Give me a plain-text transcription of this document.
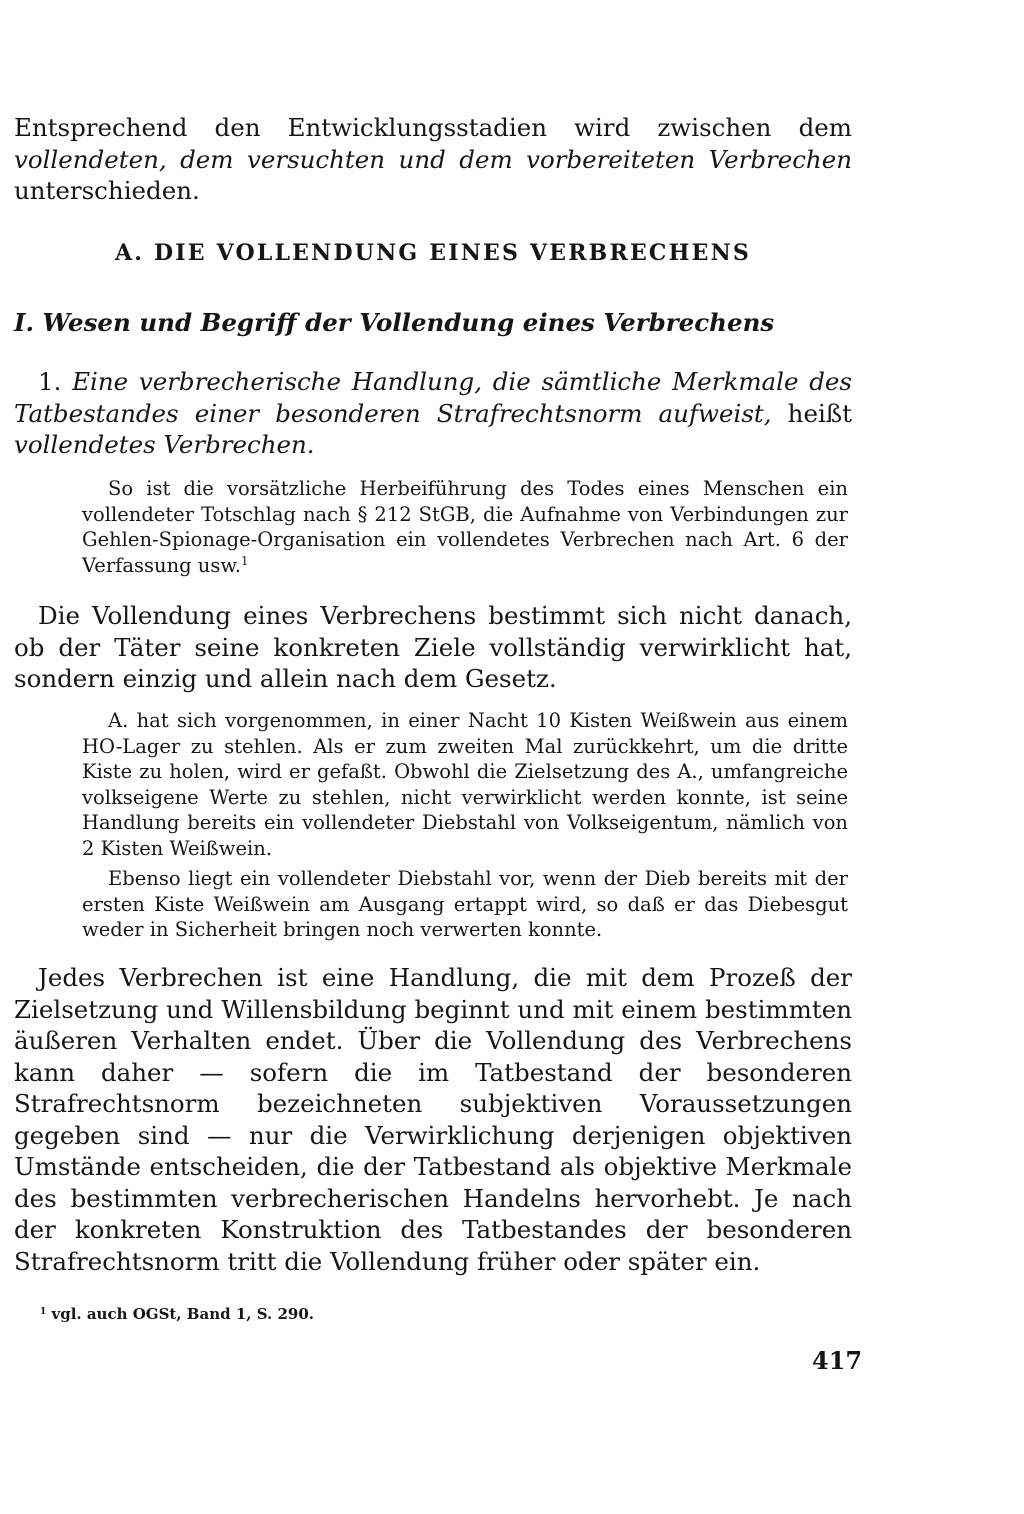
Entsprechend den Entwicklungsstadien wird zwischen dem vollendeten, dem versuchten und dem vorbereiteten Verbrechen unterschieden.

A. DIE VOLLENDUNG EINES VERBRECHENS
I. Wesen und Begriff der Vollendung eines Verbrechens

1. Eine verbrecherische Handlung, die sämtliche Merkmale des Tatbestandes einer besonderen Strafrechtsnorm aufweist, heißt vollendetes Verbrechen.

So ist die vorsätzliche Herbeiführung des Todes eines Menschen ein vollendeter Totschlag nach § 212 StGB, die Aufnahme von Verbindungen zur Gehlen-Spionage-Organisation ein vollendetes Verbrechen nach Art. 6 der Verfassung usw.$^1$

Die Vollendung eines Verbrechens bestimmt sich nicht danach, ob der Täter seine konkreten Ziele vollständig verwirklicht hat, sondern einzig und allein nach dem Gesetz.

A. hat sich vorgenommen, in einer Nacht 10 Kisten Weißwein aus einem HO-Lager zu stehlen. Als er zum zweiten Mal zurückkehrt, um die dritte Kiste zu holen, wird er gefaßt. Obwohl die Zielsetzung des A., umfangreiche volkseigene Werte zu stehlen, nicht verwirklicht werden konnte, ist seine Handlung bereits ein vollendeter Diebstahl von Volkseigentum, nämlich von 2 Kisten Weißwein.

Ebenso liegt ein vollendeter Diebstahl vor, wenn der Dieb bereits mit der ersten Kiste Weißwein am Ausgang ertappt wird, so daß er das Diebesgut weder in Sicherheit bringen noch verwerten konnte.

Jedes Verbrechen ist eine Handlung, die mit dem Prozeß der Zielsetzung und Willensbildung beginnt und mit einem bestimmten äußeren Verhalten endet. Über die Vollendung des Verbrechens kann daher — sofern die im Tatbestand der besonderen Strafrechtsnorm bezeichneten subjektiven Voraussetzungen gegeben sind — nur die Verwirklichung derjenigen objektiven Umstände entscheiden, die der Tatbestand als objektive Merkmale des bestimmten verbrecherischen Handelns hervorhebt. Je nach der konkreten Konstruktion des Tatbestandes der besonderen Strafrechtsnorm tritt die Vollendung früher oder später ein.

$^1$ vgl. auch OGSt, Band 1, S. 290.

417
